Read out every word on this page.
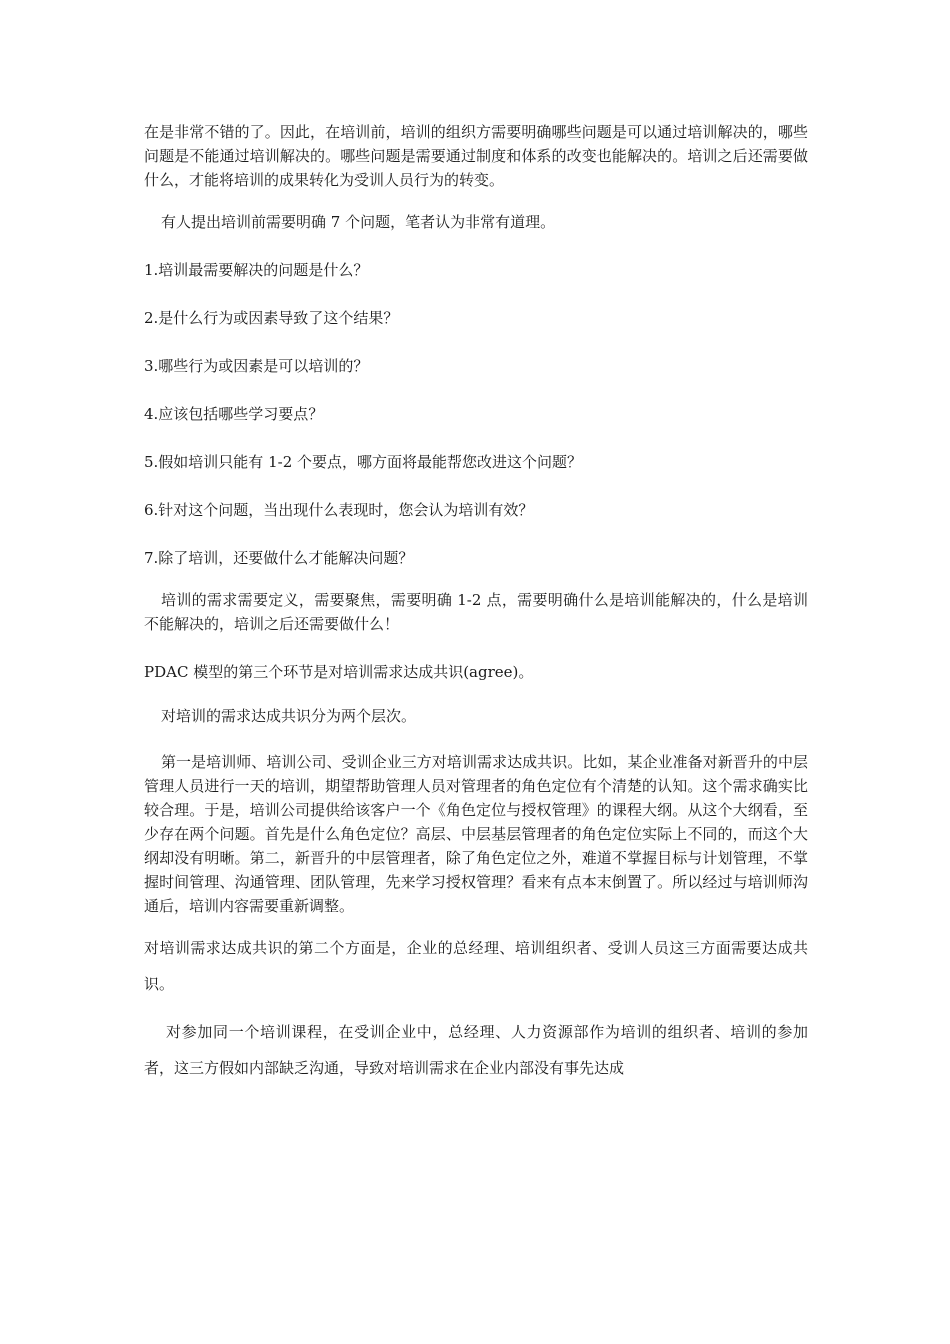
在是非常不错的了。因此，在培训前，培训的组织方需要明确哪些问题是可以通过培训解决的，哪些问题是不能通过培训解决的。哪些问题是需要通过制度和体系的改变也能解决的。培训之后还需要做什么，才能将培训的成果转化为受训人员行为的转变。

有人提出培训前需要明确 7 个问题，笔者认为非常有道理。

1.培训最需要解决的问题是什么？

2.是什么行为或因素导致了这个结果？

3.哪些行为或因素是可以培训的？

4.应该包括哪些学习要点？

5.假如培训只能有 1-2 个要点，哪方面将最能帮您改进这个问题？

6.针对这个问题，当出现什么表现时，您会认为培训有效？

7.除了培训，还要做什么才能解决问题？

培训的需求需要定义，需要聚焦，需要明确 1-2 点，需要明确什么是培训能解决的，什么是培训不能解决的，培训之后还需要做什么！

PDAC 模型的第三个环节是对培训需求达成共识(agree)。

对培训的需求达成共识分为两个层次。

第一是培训师、培训公司、受训企业三方对培训需求达成共识。比如，某企业准备对新晋升的中层管理人员进行一天的培训，期望帮助管理人员对管理者的角色定位有个清楚的认知。这个需求确实比较合理。于是，培训公司提供给该客户一个《角色定位与授权管理》的课程大纲。从这个大纲看，至少存在两个问题。首先是什么角色定位？高层、中层基层管理者的角色定位实际上不同的，而这个大纲却没有明晰。第二，新晋升的中层管理者，除了角色定位之外，难道不掌握目标与计划管理，不掌握时间管理、沟通管理、团队管理，先来学习授权管理？看来有点本末倒置了。所以经过与培训师沟通后，培训内容需要重新调整。

对培训需求达成共识的第二个方面是，企业的总经理、培训组织者、受训人员这三方面需要达成共识。

对参加同一个培训课程，在受训企业中，总经理、人力资源部作为培训的组织者、培训的参加者，这三方假如内部缺乏沟通，导致对培训需求在企业内部没有事先达成
